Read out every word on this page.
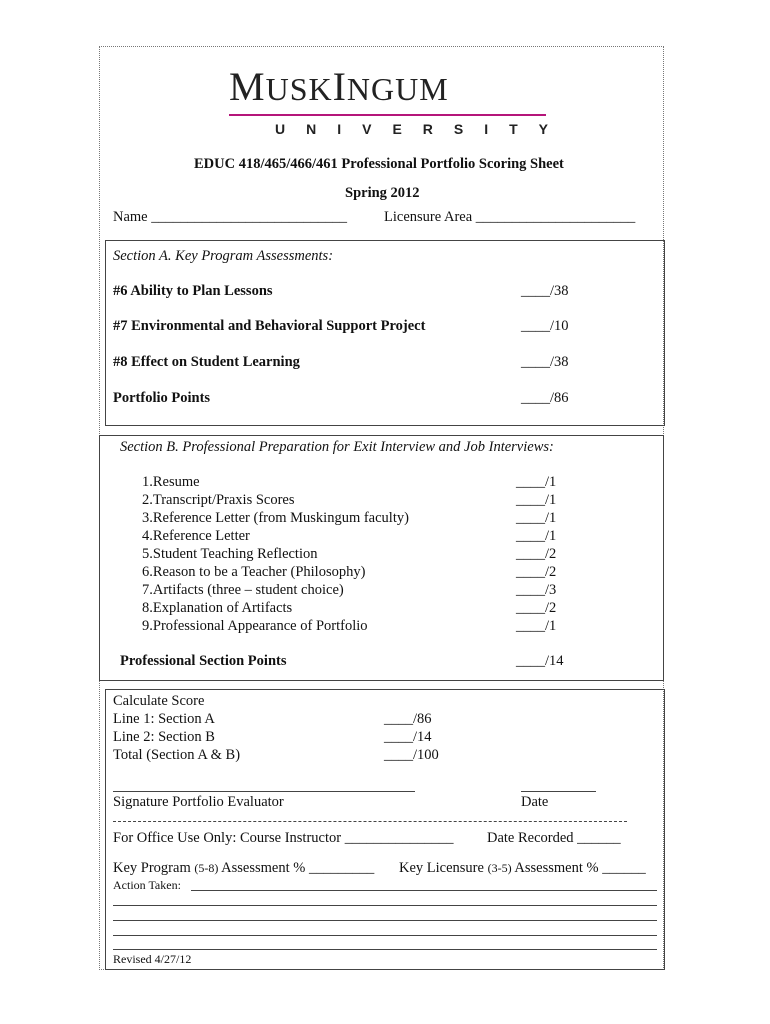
MUSKINGUM
UNIVERSITY
EDUC 418/465/466/461 Professional Portfolio Scoring Sheet
Spring 2012
Name ___________________________	Licensure Area ______________________
Section A. Key Program Assessments:
#6 Ability to Plan Lessons	____/38
#7 Environmental and Behavioral Support Project	____/10
#8 Effect on Student Learning	____/38
Portfolio Points	____/86
Section B. Professional Preparation for Exit Interview and Job Interviews:
1.Resume	____/1
2.Transcript/Praxis Scores	____/1
3.Reference Letter (from Muskingum faculty)	____/1
4.Reference Letter	____/1
5.Student Teaching Reflection	____/2
6.Reason to be a Teacher (Philosophy)	____/2
7.Artifacts (three – student choice)	____/3
8.Explanation of Artifacts	____/2
9.Professional Appearance of Portfolio	____/1
Professional Section Points	____/14
Calculate Score
Line 1: Section A	____/86
Line 2: Section B	____/14
Total (Section A & B)	____/100
Signature Portfolio Evaluator	Date
For Office Use Only: Course Instructor _______________ Date Recorded ______
Key Program (5-8) Assessment % _________ Key Licensure (3-5) Assessment % ______
Action Taken:
Revised 4/27/12
